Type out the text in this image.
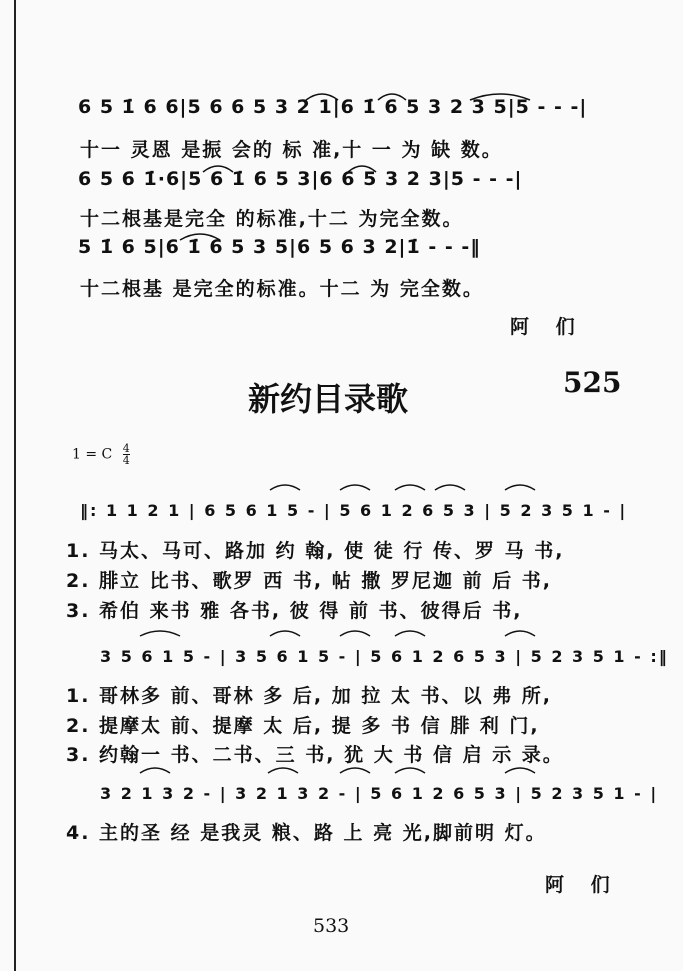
6 5 1̇ 6 6|5 6 6 5 3 2 1|6 1̇ 6 5 3 2 3 5|5 - - -|
十一 灵恩 是振 会的 标 准,十 一 为 缺 数。
6 5 6 1̇·6|5 6 1̇ 6 5 3|6 6 5 3 2 3|5 - - -|
十二根基是完全 的标准,十二 为完全数。
5 1̇ 6 5|6 1̇ 6 5 3 5|6 5 6 3 2|1̇ - - -‖
十二根基 是完全的标准。十二 为 完全数。
阿 们
新约目录歌	525
1 = C $\frac{4}{4}$
‖: 1 1 2 1 | 6 5 6 1 5 - | 5 6 1 2 6 5 3 | 5 2 3 5 1 - |
1. 马太、马可、路加 约 翰, 使 徒 行 传、罗 马 书,
2. 腓立 比书、歌罗 西 书, 帖 撒 罗尼迦 前 后 书,
3. 希伯 来书 雅 各书, 彼 得 前 书、彼得后 书,
3 5 6 1 5 - | 3 5 6 1 5 - | 5 6 1 2 6 5 3 | 5 2 3 5 1 - :‖
1. 哥林多 前、哥林 多 后, 加 拉 太 书、以 弗 所,
2. 提摩太 前、提摩 太 后, 提 多 书 信 腓 利 门,
3. 约翰一 书、二书、三 书, 犹 大 书 信 启 示 录。
3 2 1 3 2 - | 3 2 1 3 2 - | 5 6 1 2 6 5 3 | 5 2 3 5 1 - |
4. 主的圣 经 是我灵 粮、路 上 亮 光,脚前明 灯。
阿 们
533
